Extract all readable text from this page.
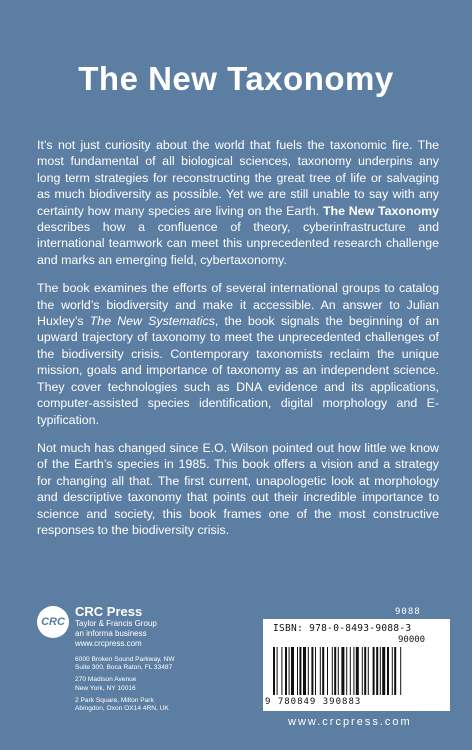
The New Taxonomy

It’s not just curiosity about the world that fuels the taxonomic fire. The most fundamental of all biological sciences, taxonomy underpins any long term strategies for reconstructing the great tree of life or salvaging as much biodiversity as possible. Yet we are still unable to say with any certainty how many species are living on the Earth. The New Taxonomy describes how a confluence of theory, cyberinfrastructure and international teamwork can meet this unprecedented research challenge and marks an emerging field, cybertaxonomy.

The book examines the efforts of several international groups to catalog the world’s biodiversity and make it accessible. An answer to Julian Huxley’s The New Systematics, the book signals the beginning of an upward trajectory of taxonomy to meet the unprecedented challenges of the biodiversity crisis. Contemporary taxonomists reclaim the unique mission, goals and importance of taxonomy as an independent science. They cover technologies such as DNA evidence and its applications, computer-assisted species identification, digital morphology and E-typification.

Not much has changed since E.O. Wilson pointed out how little we know of the Earth’s species in 1985. This book offers a vision and a strategy for changing all that. The first current, unapologetic look at morphology and descriptive taxonomy that points out their incredible importance to science and society, this book frames one of the most constructive responses to the biodiversity crisis.

CRC
CRC Press
Taylor & Francis Group
an informa business
www.crcpress.com
6000 Broken Sound Parkway, NW
Suite 300, Boca Raton, FL 33487
270 Madison Avenue
New York, NY 10016
2 Park Square, Milton Park
Abingdon, Oxon OX14 4RN, UK
9088
ISBN: 978-0-8493-9088-3
90000
9 780849 390883
www.crcpress.com
